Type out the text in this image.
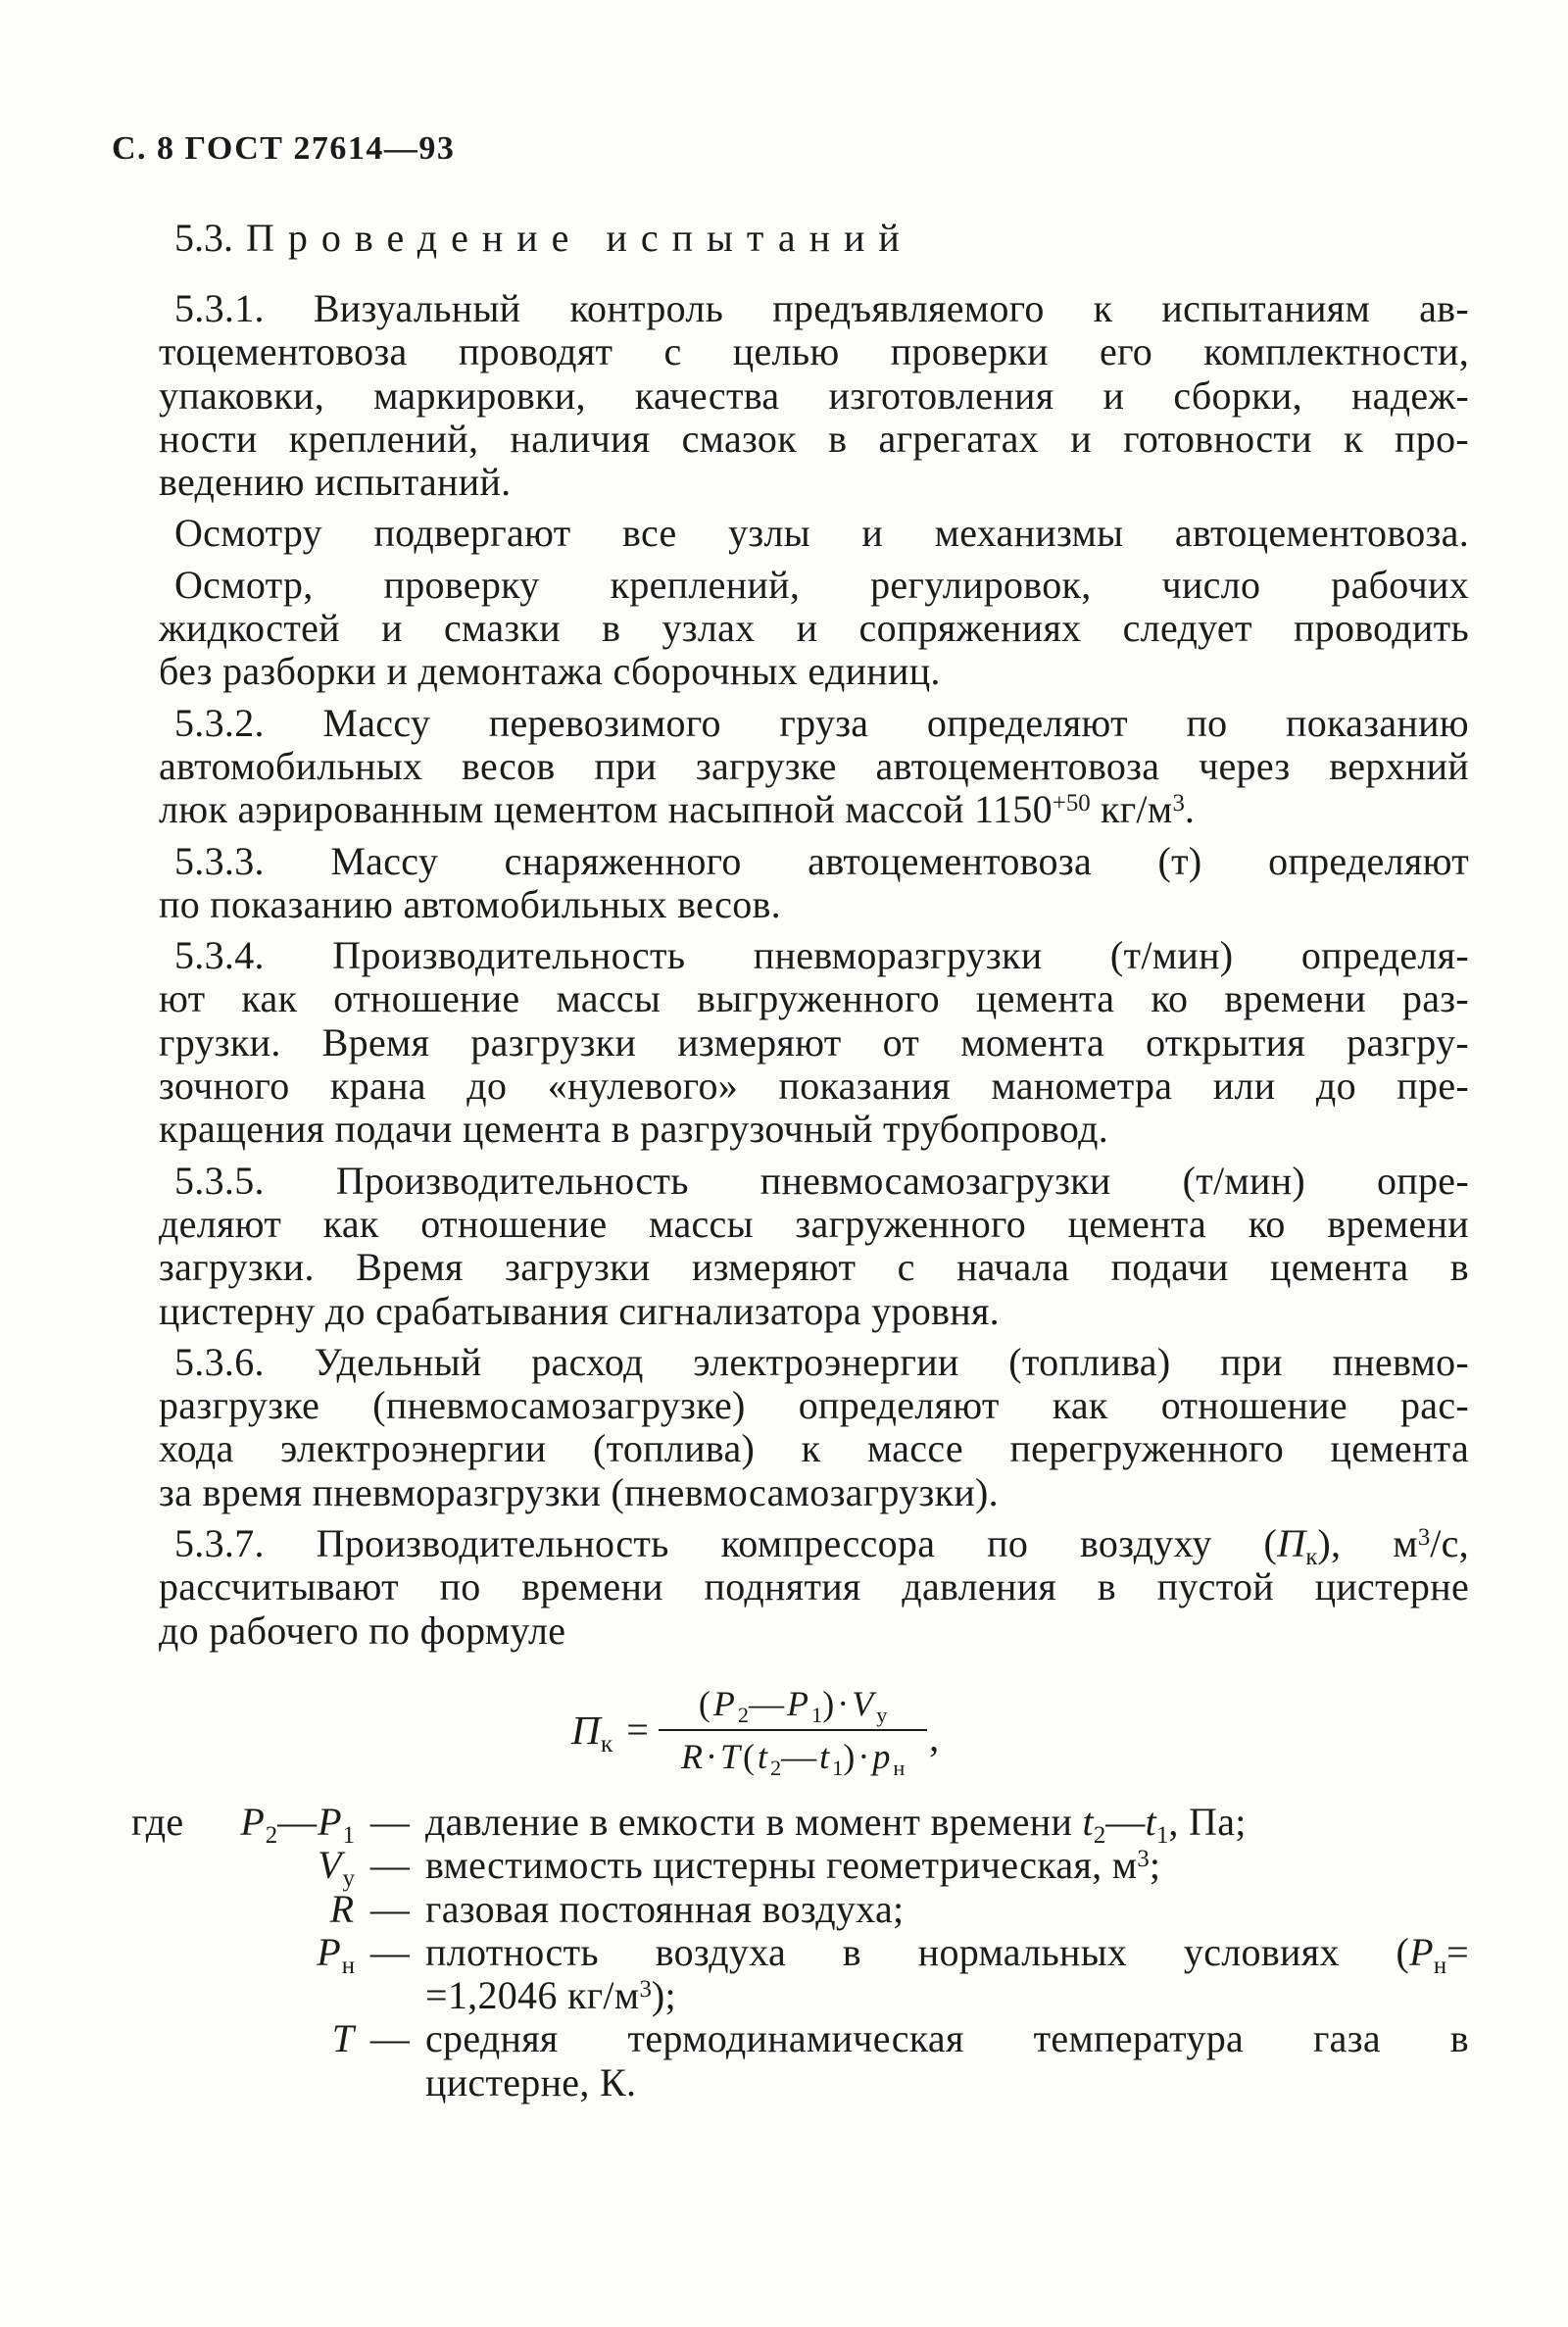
С. 8 ГОСТ 27614—93
5.3. Проведение испытаний
5.3.1. Визуальный контроль предъявляемого к испытаниям ав-
тоцементовоза проводят с целью проверки его комплектности,
упаковки, маркировки, качества изготовления и сборки, надеж-
ности креплений, наличия смазок в агрегатах и готовности к про-
ведению испытаний.
Осмотру подвергают все узлы и механизмы автоцементовоза.
Осмотр, проверку креплений, регулировок, число рабочих
жидкостей и смазки в узлах и сопряжениях следует проводить
без разборки и демонтажа сборочных единиц.
5.3.2. Массу перевозимого груза определяют по показанию
автомобильных весов при загрузке автоцементовоза через верхний
люк аэрированным цементом насыпной массой $1150^{+50}$ $кг/м^3$.
5.3.3. Массу снаряженного автоцементовоза (т) определяют
по показанию автомобильных весов.
5.3.4. Производительность пневморазгрузки (т/мин) определя-
ют как отношение массы выгруженного цемента ко времени раз-
грузки. Время разгрузки измеряют от момента открытия разгру-
зочного крана до «нулевого» показания манометра или до пре-
кращения подачи цемента в разгрузочный трубопровод.
5.3.5. Производительность пневмосамозагрузки (т/мин) опре-
деляют как отношение массы загруженного цемента ко времени
загрузки. Время загрузки измеряют с начала подачи цемента в
цистерну до срабатывания сигнализатора уровня.
5.3.6. Удельный расход электроэнергии (топлива) при пневмо-
разгрузке (пневмосамозагрузке) определяют как отношение рас-
хода электроэнергии (топлива) к массе перегруженного цемента
за время пневморазгрузки (пневмосамозагрузки).
5.3.7. Производительность компрессора по воздуху $(П_к)$, $м^3/с$,
рассчитывают по времени поднятия давления в пустой цистерне
до рабочего по формуле
$П_к = \frac{(P_2—P_1)\cdot V_у}{R\cdot T(t_2—t_1)\cdot p_н}$ ,
где $P_2—P_1$ — давление в емкости в момент времени $t_2—t_1$, Па;
$V_у$ — вместимость цистерны геометрическая, $м^3$;
R — газовая постоянная воздуха;
$P_н$ — плотность воздуха в нормальных условиях ($P_н=$
=1,2046 $кг/м^3$);
T — средняя термодинамическая температура газа в
цистерне, К.
